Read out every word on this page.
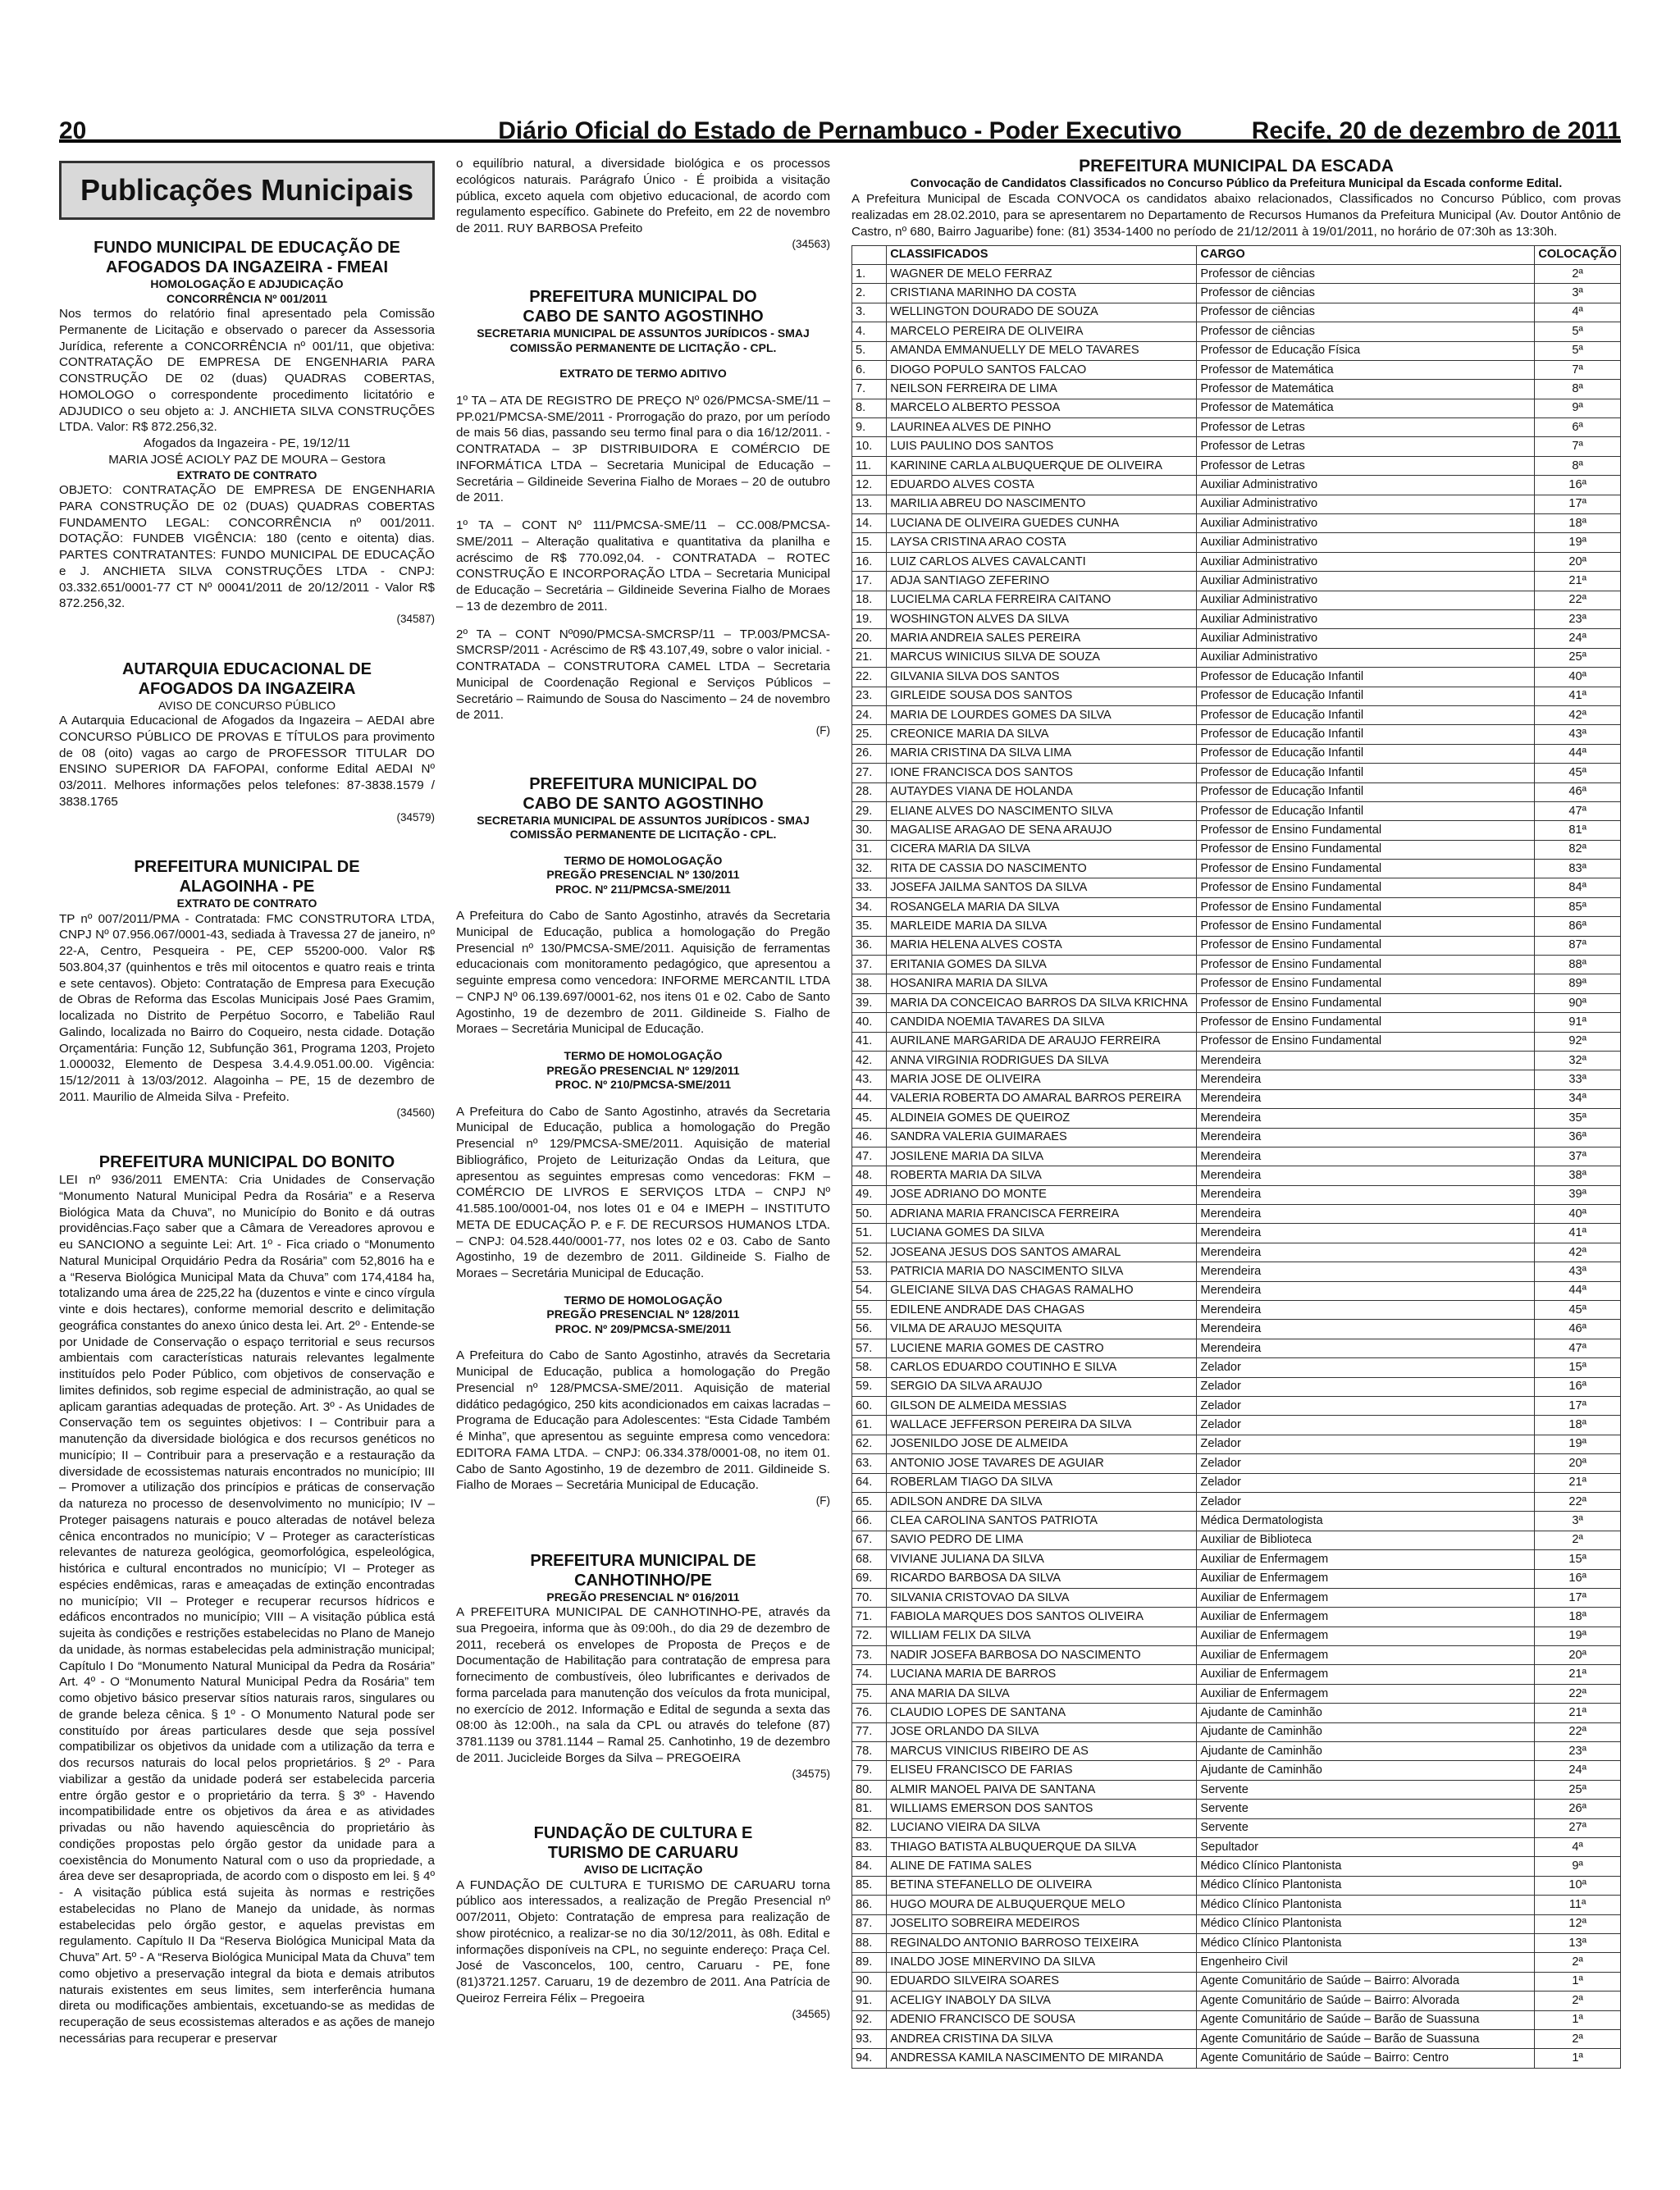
20	Diário Oficial do Estado de Pernambuco - Poder Executivo	Recife, 20 de dezembro de 2011
Publicações Municipais
FUNDO MUNICIPAL DE EDUCAÇÃO DE
AFOGADOS DA INGAZEIRA - FMEAI
HOMOLOGAÇÃO E ADJUDICAÇÃO
CONCORRÊNCIA Nº 001/2011

Nos termos do relatório final apresentado pela Comissão Permanente de Licitação e observado o parecer da Assessoria Jurídica, referente a CONCORRÊNCIA nº 001/11, que objetiva: CONTRATAÇÃO DE EMPRESA DE ENGENHARIA PARA CONSTRUÇÃO DE 02 (duas) QUADRAS COBERTAS, HOMOLOGO o correspondente procedimento licitatório e ADJUDICO o seu objeto a: J. ANCHIETA SILVA CONSTRUÇÕES LTDA. Valor: R$ 872.256,32.

Afogados da Ingazeira - PE, 19/12/11

MARIA JOSÉ ACIOLY PAZ DE MOURA – Gestora

EXTRATO DE CONTRATO

OBJETO: CONTRATAÇÃO DE EMPRESA DE ENGENHARIA PARA CONSTRUÇÃO DE 02 (DUAS) QUADRAS COBERTAS FUNDAMENTO LEGAL: CONCORRÊNCIA nº 001/2011. DOTAÇÃO: FUNDEB VIGÊNCIA: 180 (cento e oitenta) dias. PARTES CONTRATANTES: FUNDO MUNICIPAL DE EDUCAÇÃO e J. ANCHIETA SILVA CONSTRUÇÕES LTDA - CNPJ: 03.332.651/0001-77 CT Nº 00041/2011 de 20/12/2011 - Valor R$ 872.256,32.

(34587)
AUTARQUIA EDUCACIONAL DE
AFOGADOS DA INGAZEIRA
AVISO DE CONCURSO PÚBLICO

A Autarquia Educacional de Afogados da Ingazeira – AEDAI abre CONCURSO PÚBLICO DE PROVAS E TÍTULOS para provimento de 08 (oito) vagas ao cargo de PROFESSOR TITULAR DO ENSINO SUPERIOR DA FAFOPAI, conforme Edital AEDAI Nº 03/2011. Melhores informações pelos telefones: 87-3838.1579 / 3838.1765

(34579)
PREFEITURA MUNICIPAL DE
ALAGOINHA - PE
EXTRATO DE CONTRATO

TP nº 007/2011/PMA - Contratada: FMC CONSTRUTORA LTDA, CNPJ Nº 07.956.067/0001-43, sediada à Travessa 27 de janeiro, nº 22-A, Centro, Pesqueira - PE, CEP 55200-000. Valor R$ 503.804,37 (quinhentos e três mil oitocentos e quatro reais e trinta e sete centavos). Objeto: Contratação de Empresa para Execução de Obras de Reforma das Escolas Municipais José Paes Gramim, localizada no Distrito de Perpétuo Socorro, e Tabelião Raul Galindo, localizada no Bairro do Coqueiro, nesta cidade. Dotação Orçamentária: Função 12, Subfunção 361, Programa 1203, Projeto 1.000032, Elemento de Despesa 3.4.4.9.051.00.00. Vigência: 15/12/2011 à 13/03/2012. Alagoinha – PE, 15 de dezembro de 2011. Maurilio de Almeida Silva - Prefeito.

(34560)
PREFEITURA MUNICIPAL DO BONITO

LEI nº 936/2011 EMENTA: Cria Unidades de Conservação “Monumento Natural Municipal Pedra da Rosária” e a Reserva Biológica Mata da Chuva”, no Município do Bonito e dá outras providências.Faço saber que a Câmara de Vereadores aprovou e eu SANCIONO a seguinte Lei: Art. 1º - Fica criado o “Monumento Natural Municipal Orquidário Pedra da Rosária” com 52,8016 ha e a “Reserva Biológica Municipal Mata da Chuva” com 174,4184 ha, totalizando uma área de 225,22 ha (duzentos e vinte e cinco vírgula vinte e dois hectares), conforme memorial descrito e delimitação geográfica constantes do anexo único desta lei. Art. 2º - Entende-se por Unidade de Conservação o espaço territorial e seus recursos ambientais com características naturais relevantes legalmente instituídos pelo Poder Público, com objetivos de conservação e limites definidos, sob regime especial de administração, ao qual se aplicam garantias adequadas de proteção. Art. 3º - As Unidades de Conservação tem os seguintes objetivos: I – Contribuir para a manutenção da diversidade biológica e dos recursos genéticos no município; II – Contribuir para a preservação e a restauração da diversidade de ecossistemas naturais encontrados no município; III – Promover a utilização dos princípios e práticas de conservação da natureza no processo de desenvolvimento no município; IV – Proteger paisagens naturais e pouco alteradas de notável beleza cênica encontrados no município; V – Proteger as características relevantes de natureza geológica, geomorfológica, espeleológica, histórica e cultural encontrados no município; VI – Proteger as espécies endêmicas, raras e ameaçadas de extinção encontradas no município; VII – Proteger e recuperar recursos hídricos e edáficos encontrados no município; VIII – A visitação pública está sujeita às condições e restrições estabelecidas no Plano de Manejo da unidade, às normas estabelecidas pela administração municipal; Capítulo I Do “Monumento Natural Municipal da Pedra da Rosária” Art. 4º - O “Monumento Natural Municipal Pedra da Rosária” tem como objetivo básico preservar sítios naturais raros, singulares ou de grande beleza cênica. § 1º - O Monumento Natural pode ser constituído por áreas particulares desde que seja possível compatibilizar os objetivos da unidade com a utilização da terra e dos recursos naturais do local pelos proprietários. § 2º - Para viabilizar a gestão da unidade poderá ser estabelecida parceria entre órgão gestor e o proprietário da terra. § 3º - Havendo incompatibilidade entre os objetivos da área e as atividades privadas ou não havendo aquiescência do proprietário às condições propostas pelo órgão gestor da unidade para a coexistência do Monumento Natural com o uso da propriedade, a área deve ser desapropriada, de acordo com o disposto em lei. § 4º - A visitação pública está sujeita às normas e restrições estabelecidas no Plano de Manejo da unidade, às normas estabelecidas pelo órgão gestor, e aquelas previstas em regulamento. Capítulo II Da “Reserva Biológica Municipal Mata da Chuva” Art. 5º - A “Reserva Biológica Municipal Mata da Chuva” tem como objetivo a preservação integral da biota e demais atributos naturais existentes em seus limites, sem interferência humana direta ou modificações ambientais, excetuando-se as medidas de recuperação de seus ecossistemas alterados e as ações de manejo necessárias para recuperar e preservar

o equilíbrio natural, a diversidade biológica e os processos ecológicos naturais. Parágrafo Único - É proibida a visitação pública, exceto aquela com objetivo educacional, de acordo com regulamento específico. Gabinete do Prefeito, em 22 de novembro de 2011. RUY BARBOSA Prefeito

(34563)
PREFEITURA MUNICIPAL DO
CABO DE SANTO AGOSTINHO
SECRETARIA MUNICIPAL DE ASSUNTOS JURÍDICOS - SMAJ
COMISSÃO PERMANENTE DE LICITAÇÃO - CPL.
EXTRATO DE TERMO ADITIVO

1º TA – ATA DE REGISTRO DE PREÇO Nº 026/PMCSA-SME/11 – PP.021/PMCSA-SME/2011 - Prorrogação do prazo, por um período de mais 56 dias, passando seu termo final para o dia 16/12/2011. - CONTRATADA – 3P DISTRIBUIDORA E COMÉRCIO DE INFORMÁTICA LTDA – Secretaria Municipal de Educação – Secretária – Gildineide Severina Fialho de Moraes – 20 de outubro de 2011.

1º TA – CONT Nº 111/PMCSA-SME/11 – CC.008/PMCSA-SME/2011 – Alteração qualitativa e quantitativa da planilha e acréscimo de R$ 770.092,04. - CONTRATADA – ROTEC CONSTRUÇÃO E INCORPORAÇÃO LTDA – Secretaria Municipal de Educação – Secretária – Gildineide Severina Fialho de Moraes – 13 de dezembro de 2011.

2º TA – CONT Nº090/PMCSA-SMCRSP/11 – TP.003/PMCSA-SMCRSP/2011 - Acréscimo de R$ 43.107,49, sobre o valor inicial. - CONTRATADA – CONSTRUTORA CAMEL LTDA – Secretaria Municipal de Coordenação Regional e Serviços Públicos – Secretário – Raimundo de Sousa do Nascimento – 24 de novembro de 2011.

(F)
PREFEITURA MUNICIPAL DO
CABO DE SANTO AGOSTINHO
SECRETARIA MUNICIPAL DE ASSUNTOS JURÍDICOS - SMAJ
COMISSÃO PERMANENTE DE LICITAÇÃO - CPL.
TERMO DE HOMOLOGAÇÃO
PREGÃO PRESENCIAL Nº 130/2011
PROC. Nº 211/PMCSA-SME/2011

A Prefeitura do Cabo de Santo Agostinho, através da Secretaria Municipal de Educação, publica a homologação do Pregão Presencial nº 130/PMCSA-SME/2011. Aquisição de ferramentas educacionais com monitoramento pedagógico, que apresentou a seguinte empresa como vencedora: INFORME MERCANTIL LTDA – CNPJ Nº 06.139.697/0001-62, nos itens 01 e 02. Cabo de Santo Agostinho, 19 de dezembro de 2011. Gildineide S. Fialho de Moraes – Secretária Municipal de Educação.

TERMO DE HOMOLOGAÇÃO
PREGÃO PRESENCIAL Nº 129/2011
PROC. Nº 210/PMCSA-SME/2011

A Prefeitura do Cabo de Santo Agostinho, através da Secretaria Municipal de Educação, publica a homologação do Pregão Presencial nº 129/PMCSA-SME/2011. Aquisição de material Bibliográfico, Projeto de Leiturização Ondas da Leitura, que apresentou as seguintes empresas como vencedoras: FKM – COMÉRCIO DE LIVROS E SERVIÇOS LTDA – CNPJ Nº 41.585.100/0001-04, nos lotes 01 e 04 e IMEPH – INSTITUTO META DE EDUCAÇÃO P. e F. DE RECURSOS HUMANOS LTDA. – CNPJ: 04.528.440/0001-77, nos lotes 02 e 03. Cabo de Santo Agostinho, 19 de dezembro de 2011. Gildineide S. Fialho de Moraes – Secretária Municipal de Educação.

TERMO DE HOMOLOGAÇÃO
PREGÃO PRESENCIAL Nº 128/2011
PROC. Nº 209/PMCSA-SME/2011

A Prefeitura do Cabo de Santo Agostinho, através da Secretaria Municipal de Educação, publica a homologação do Pregão Presencial nº 128/PMCSA-SME/2011. Aquisição de material didático pedagógico, 250 kits acondicionados em caixas lacradas – Programa de Educação para Adolescentes: “Esta Cidade Também é Minha”, que apresentou as seguinte empresa como vencedora: EDITORA FAMA LTDA. – CNPJ: 06.334.378/0001-08, no item 01. Cabo de Santo Agostinho, 19 de dezembro de 2011. Gildineide S. Fialho de Moraes – Secretária Municipal de Educação.

(F)
PREFEITURA MUNICIPAL DE
CANHOTINHO/PE
PREGÃO PRESENCIAL Nº 016/2011

A PREFEITURA MUNICIPAL DE CANHOTINHO-PE, através da sua Pregoeira, informa que às 09:00h., do dia 29 de dezembro de 2011, receberá os envelopes de Proposta de Preços e de Documentação de Habilitação para contratação de empresa para fornecimento de combustíveis, óleo lubrificantes e derivados de forma parcelada para manutenção dos veículos da frota municipal, no exercício de 2012. Informação e Edital de segunda a sexta das 08:00 às 12:00h., na sala da CPL ou através do telefone (87) 3781.1139 ou 3781.1144 – Ramal 25. Canhotinho, 19 de dezembro de 2011. Jucicleide Borges da Silva – PREGOEIRA

(34575)
FUNDAÇÃO DE CULTURA E
TURISMO DE CARUARU
AVISO DE LICITAÇÃO

A FUNDAÇÃO DE CULTURA E TURISMO DE CARUARU torna público aos interessados, a realização de Pregão Presencial nº 007/2011, Objeto: Contratação de empresa para realização de show pirotécnico, a realizar-se no dia 30/12/2011, às 08h. Edital e informações disponíveis na CPL, no seguinte endereço: Praça Cel. José de Vasconcelos, 100, centro, Caruaru - PE, fone (81)3721.1257. Caruaru, 19 de dezembro de 2011. Ana Patrícia de Queiroz Ferreira Félix – Pregoeira

(34565)
PREFEITURA MUNICIPAL DA ESCADA
Convocação de Candidatos Classificados no Concurso Público da Prefeitura Municipal da Escada conforme Edital.

A Prefeitura Municipal de Escada CONVOCA os candidatos abaixo relacionados, Classificados no Concurso Público, com provas realizadas em 28.02.2010, para se apresentarem no Departamento de Recursos Humanos da Prefeitura Municipal (Av. Doutor Antônio de Castro, nº 680, Bairro Jaguaribe) fone: (81) 3534-1400 no período de 21/12/2011 à 19/01/2011, no horário de 07:30h as 13:30h.

	CLASSIFICADOS	CARGO	COLOCAÇÃO
1.	WAGNER DE MELO FERRAZ	Professor de ciências	2ª
2.	CRISTIANA MARINHO DA COSTA	Professor de ciências	3ª
3.	WELLINGTON DOURADO DE SOUZA	Professor de ciências	4ª
4.	MARCELO PEREIRA DE OLIVEIRA	Professor de ciências	5ª
5.	AMANDA EMMANUELLY DE MELO TAVARES	Professor de Educação Física	5ª
6.	DIOGO POPULO SANTOS FALCAO	Professor de Matemática	7ª
7.	NEILSON FERREIRA DE LIMA	Professor de Matemática	8ª
8.	MARCELO ALBERTO PESSOA	Professor de Matemática	9ª
9.	LAURINEA ALVES DE PINHO	Professor de Letras	6ª
10.	LUIS PAULINO DOS SANTOS	Professor de Letras	7ª
11.	KARININE CARLA ALBUQUERQUE DE OLIVEIRA	Professor de Letras	8ª
12.	EDUARDO ALVES COSTA	Auxiliar Administrativo	16ª
13.	MARILIA ABREU DO NASCIMENTO	Auxiliar Administrativo	17ª
14.	LUCIANA DE OLIVEIRA GUEDES CUNHA	Auxiliar Administrativo	18ª
15.	LAYSA CRISTINA ARAO COSTA	Auxiliar Administrativo	19ª
16.	LUIZ CARLOS ALVES CAVALCANTI	Auxiliar Administrativo	20ª
17.	ADJA SANTIAGO ZEFERINO	Auxiliar Administrativo	21ª
18.	LUCIELMA CARLA FERREIRA CAITANO	Auxiliar Administrativo	22ª
19.	WOSHINGTON ALVES DA SILVA	Auxiliar Administrativo	23ª
20.	MARIA ANDREIA SALES PEREIRA	Auxiliar Administrativo	24ª
21.	MARCUS WINICIUS SILVA DE SOUZA	Auxiliar Administrativo	25ª
22.	GILVANIA SILVA DOS SANTOS	Professor de Educação Infantil	40ª
23.	GIRLEIDE SOUSA DOS SANTOS	Professor de Educação Infantil	41ª
24.	MARIA DE LOURDES GOMES DA SILVA	Professor de Educação Infantil	42ª
25.	CREONICE MARIA DA SILVA	Professor de Educação Infantil	43ª
26.	MARIA CRISTINA DA SILVA LIMA	Professor de Educação Infantil	44ª
27.	IONE FRANCISCA DOS SANTOS	Professor de Educação Infantil	45ª
28.	AUTAYDES VIANA DE HOLANDA	Professor de Educação Infantil	46ª
29.	ELIANE ALVES DO NASCIMENTO SILVA	Professor de Educação Infantil	47ª
30.	MAGALISE ARAGAO DE SENA ARAUJO	Professor de Ensino Fundamental	81ª
31.	CICERA MARIA DA SILVA	Professor de Ensino Fundamental	82ª
32.	RITA DE CASSIA DO NASCIMENTO	Professor de Ensino Fundamental	83ª
33.	JOSEFA JAILMA SANTOS DA SILVA	Professor de Ensino Fundamental	84ª
34.	ROSANGELA MARIA DA SILVA	Professor de Ensino Fundamental	85ª
35.	MARLEIDE MARIA DA SILVA	Professor de Ensino Fundamental	86ª
36.	MARIA HELENA ALVES COSTA	Professor de Ensino Fundamental	87ª
37.	ERITANIA GOMES DA SILVA	Professor de Ensino Fundamental	88ª
38.	HOSANIRA MARIA DA SILVA	Professor de Ensino Fundamental	89ª
39.	MARIA DA CONCEICAO BARROS DA SILVA KRICHNA	Professor de Ensino Fundamental	90ª
40.	CANDIDA NOEMIA TAVARES DA SILVA	Professor de Ensino Fundamental	91ª
41.	AURILANE MARGARIDA DE ARAUJO FERREIRA	Professor de Ensino Fundamental	92ª
42.	ANNA VIRGINIA RODRIGUES DA SILVA	Merendeira	32ª
43.	MARIA JOSE DE OLIVEIRA	Merendeira	33ª
44.	VALERIA ROBERTA DO AMARAL BARROS PEREIRA	Merendeira	34ª
45.	ALDINEIA GOMES DE QUEIROZ	Merendeira	35ª
46.	SANDRA VALERIA GUIMARAES	Merendeira	36ª
47.	JOSILENE MARIA DA SILVA	Merendeira	37ª
48.	ROBERTA MARIA DA SILVA	Merendeira	38ª
49.	JOSE ADRIANO DO MONTE	Merendeira	39ª
50.	ADRIANA MARIA FRANCISCA FERREIRA	Merendeira	40ª
51.	LUCIANA GOMES DA SILVA	Merendeira	41ª
52.	JOSEANA JESUS DOS SANTOS AMARAL	Merendeira	42ª
53.	PATRICIA MARIA DO NASCIMENTO SILVA	Merendeira	43ª
54.	GLEICIANE SILVA DAS CHAGAS RAMALHO	Merendeira	44ª
55.	EDILENE ANDRADE DAS CHAGAS	Merendeira	45ª
56.	VILMA DE ARAUJO MESQUITA	Merendeira	46ª
57.	LUCIENE MARIA GOMES DE CASTRO	Merendeira	47ª
58.	CARLOS EDUARDO COUTINHO E SILVA	Zelador	15ª
59.	SERGIO DA SILVA ARAUJO	Zelador	16ª
60.	GILSON DE ALMEIDA MESSIAS	Zelador	17ª
61.	WALLACE JEFFERSON PEREIRA DA SILVA	Zelador	18ª
62.	JOSENILDO JOSE DE ALMEIDA	Zelador	19ª
63.	ANTONIO JOSE TAVARES DE AGUIAR	Zelador	20ª
64.	ROBERLAM TIAGO DA SILVA	Zelador	21ª
65.	ADILSON ANDRE DA SILVA	Zelador	22ª
66.	CLEA CAROLINA SANTOS PATRIOTA	Médica Dermatologista	3ª
67.	SAVIO PEDRO DE LIMA	Auxiliar de Biblioteca	2ª
68.	VIVIANE JULIANA DA SILVA	Auxiliar de Enfermagem	15ª
69.	RICARDO BARBOSA DA SILVA	Auxiliar de Enfermagem	16ª
70.	SILVANIA CRISTOVAO DA SILVA	Auxiliar de Enfermagem	17ª
71.	FABIOLA MARQUES DOS SANTOS OLIVEIRA	Auxiliar de Enfermagem	18ª
72.	WILLIAM FELIX DA SILVA	Auxiliar de Enfermagem	19ª
73.	NADIR JOSEFA BARBOSA DO NASCIMENTO	Auxiliar de Enfermagem	20ª
74.	LUCIANA MARIA DE BARROS	Auxiliar de Enfermagem	21ª
75.	ANA MARIA DA SILVA	Auxiliar de Enfermagem	22ª
76.	CLAUDIO LOPES DE SANTANA	Ajudante de Caminhão	21ª
77.	JOSE ORLANDO DA SILVA	Ajudante de Caminhão	22ª
78.	MARCUS VINICIUS RIBEIRO DE AS	Ajudante de Caminhão	23ª
79.	ELISEU FRANCISCO DE FARIAS	Ajudante de Caminhão	24ª
80.	ALMIR MANOEL PAIVA DE SANTANA	Servente	25ª
81.	WILLIAMS EMERSON DOS SANTOS	Servente	26ª
82.	LUCIANO VIEIRA DA SILVA	Servente	27ª
83.	THIAGO BATISTA ALBUQUERQUE DA SILVA	Sepultador	4ª
84.	ALINE DE FATIMA SALES	Médico Clínico Plantonista	9ª
85.	BETINA STEFANELLO DE OLIVEIRA	Médico Clínico Plantonista	10ª
86.	HUGO MOURA DE ALBUQUERQUE MELO	Médico Clínico Plantonista	11ª
87.	JOSELITO SOBREIRA MEDEIROS	Médico Clínico Plantonista	12ª
88.	REGINALDO ANTONIO BARROSO TEIXEIRA	Médico Clínico Plantonista	13ª
89.	INALDO JOSE MINERVINO DA SILVA	Engenheiro Civil	2ª
90.	EDUARDO SILVEIRA SOARES	Agente Comunitário de Saúde – Bairro: Alvorada	1ª
91.	ACELIGY INABOLY DA SILVA	Agente Comunitário de Saúde – Bairro: Alvorada	2ª
92.	ADENIO FRANCISCO DE SOUSA	Agente Comunitário de Saúde – Barão de Suassuna	1ª
93.	ANDREA CRISTINA DA SILVA	Agente Comunitário de Saúde – Barão de Suassuna	2ª
94.	ANDRESSA KAMILA NASCIMENTO DE MIRANDA	Agente Comunitário de Saúde – Bairro: Centro	1ª
